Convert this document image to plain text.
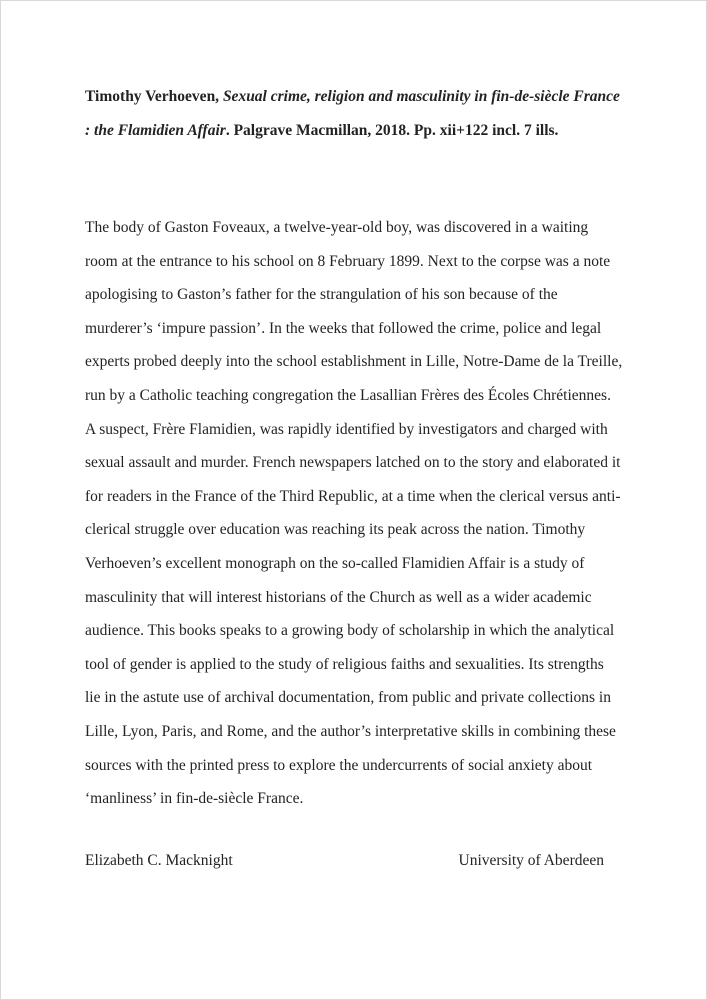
Timothy Verhoeven, Sexual crime, religion and masculinity in fin-de-siècle France : the Flamidien Affair. Palgrave Macmillan, 2018. Pp. xii+122 incl. 7 ills.

The body of Gaston Foveaux, a twelve-year-old boy, was discovered in a waiting room at the entrance to his school on 8 February 1899. Next to the corpse was a note apologising to Gaston’s father for the strangulation of his son because of the murderer’s ‘impure passion’. In the weeks that followed the crime, police and legal experts probed deeply into the school establishment in Lille, Notre-Dame de la Treille, run by a Catholic teaching congregation the Lasallian Frères des Écoles Chrétiennes. A suspect, Frère Flamidien, was rapidly identified by investigators and charged with sexual assault and murder. French newspapers latched on to the story and elaborated it for readers in the France of the Third Republic, at a time when the clerical versus anti-clerical struggle over education was reaching its peak across the nation. Timothy Verhoeven’s excellent monograph on the so-called Flamidien Affair is a study of masculinity that will interest historians of the Church as well as a wider academic audience. This books speaks to a growing body of scholarship in which the analytical tool of gender is applied to the study of religious faiths and sexualities. Its strengths lie in the astute use of archival documentation, from public and private collections in Lille, Lyon, Paris, and Rome, and the author’s interpretative skills in combining these sources with the printed press to explore the undercurrents of social anxiety about ‘manliness’ in fin-de-siècle France.

Elizabeth C. Macknight	University of Aberdeen
